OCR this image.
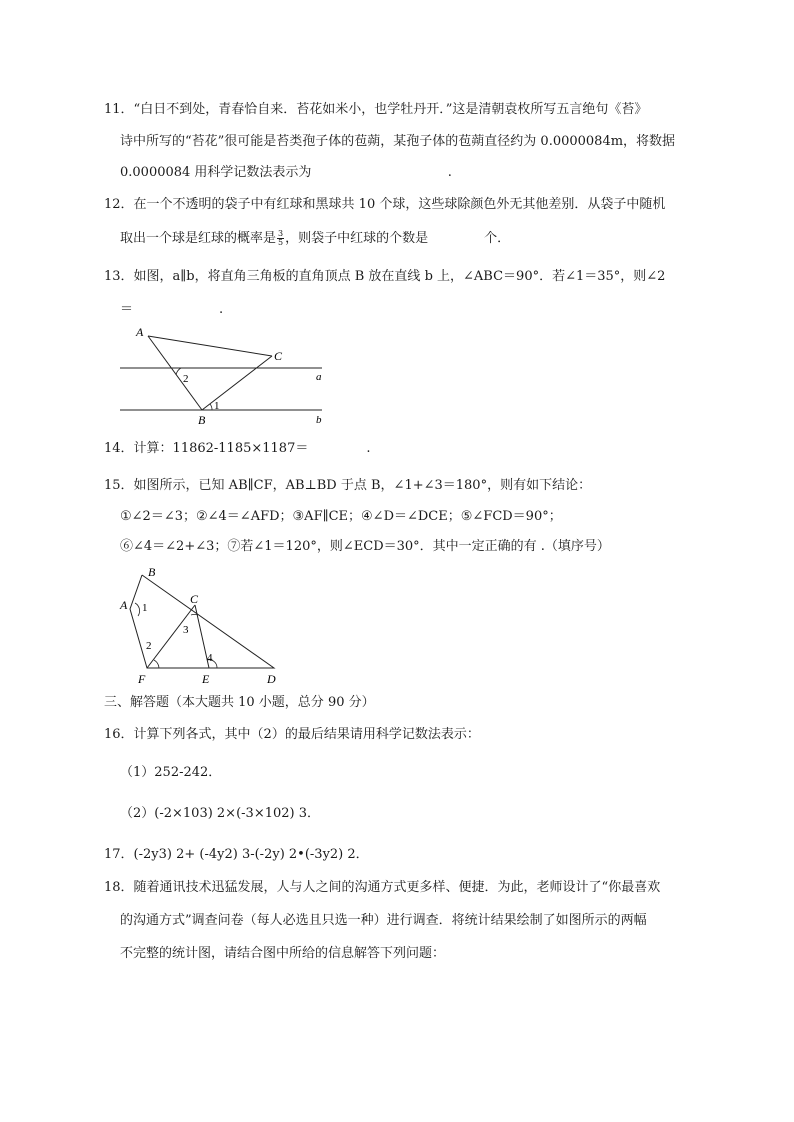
11．“白日不到处，青春恰自来．苔花如米小，也学牡丹开．”这是清朝袁枚所写五言绝句《苔》
诗中所写的“苔花”很可能是苔类孢子体的苞蒴，某孢子体的苞蒴直径约为 0.0000084m，将数据
0.0000084 用科学记数法表示为	.
12．在一个不透明的袋子中有红球和黑球共 10 个球，这些球除颜色外无其他差别．从袋子中随机
取出一个球是红球的概率是 $\frac{3}{5}$ ，则袋子中红球的个数是	个．
13．如图，a∥b，将直角三角板的直角顶点 B 放在直线 b 上，∠ABC＝90°．若∠1＝35°，则∠2
＝	.
A
B
C
a
b
2
1
14．计算：11862-1185×1187＝	.
15．如图所示，已知 AB∥CF，AB⊥BD 于点 B，∠1+∠3＝180°，则有如下结论：
①∠2＝∠3；②∠4＝∠AFD；③AF∥CE；④∠D＝∠DCE；⑤∠FCD＝90°；
⑥∠4＝∠2+∠3；⑦若∠1＝120°，则∠ECD＝30°．其中一定正确的有 .（填序号）
B
A	C
D
E
F
1
2
3
4
三、解答题（本大题共 10 小题，总分 90 分）
16．计算下列各式，其中（2）的最后结果请用科学记数法表示：
（1）252-242．
（2）(-2×103) 2×(-3×102) 3．
17．(-2y3) 2+ (-4y2) 3-(-2y) 2•(-3y2) 2．
18．随着通讯技术迅猛发展，人与人之间的沟通方式更多样、便捷．为此，老师设计了“你最喜欢
的沟通方式”调查问卷（每人必选且只选一种）进行调查．将统计结果绘制了如图所示的两幅
不完整的统计图，请结合图中所给的信息解答下列问题：
